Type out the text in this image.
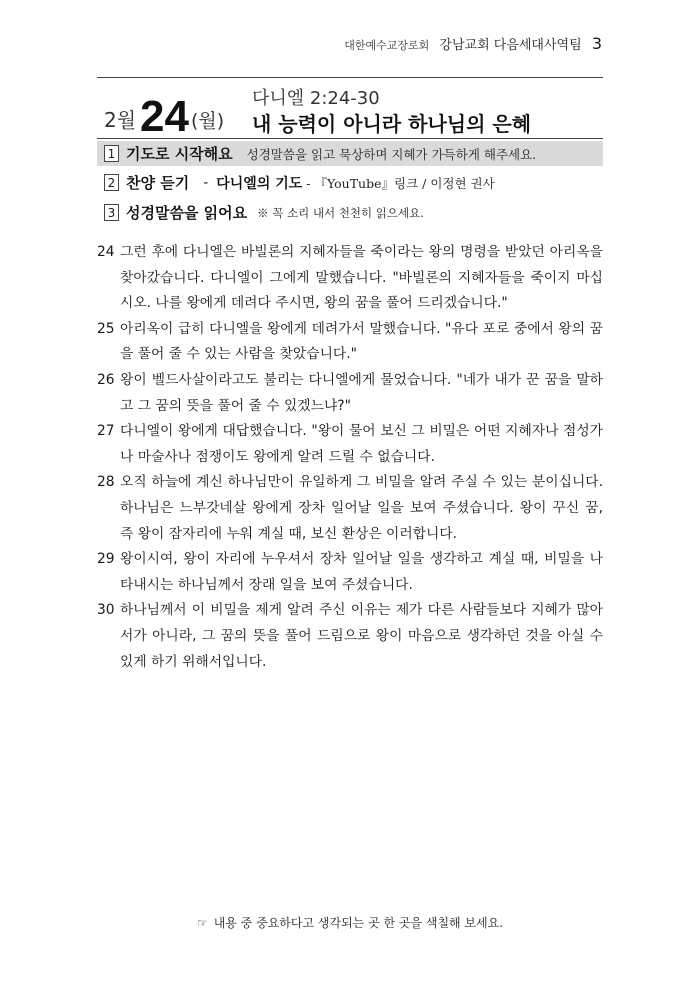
대한예수교장로회 강남교회 다음세대사역팀 3
2월 24 (월)
다니엘 2:24-30
내 능력이 아니라 하나님의 은혜
1 기도로 시작해요 성경말씀을 읽고 묵상하며 지혜가 가득하게 해주세요.
2 찬양 듣기 - 다니엘의 기도 - 『YouTube』링크 / 이정현 권사
3 성경말씀을 읽어요 ※ 꼭 소리 내서 천천히 읽으세요.
24 그런 후에 다니엘은 바빌론의 지혜자들을 죽이라는 왕의 명령을 받았던 아리옥을 찾아갔습니다. 다니엘이 그에게 말했습니다. "바빌론의 지혜자들을 죽이지 마십시오. 나를 왕에게 데려다 주시면, 왕의 꿈을 풀어 드리겠습니다."
25 아리옥이 급히 다니엘을 왕에게 데려가서 말했습니다. "유다 포로 중에서 왕의 꿈을 풀어 줄 수 있는 사람을 찾았습니다."
26 왕이 벨드사살이라고도 불리는 다니엘에게 물었습니다. "네가 내가 꾼 꿈을 말하고 그 꿈의 뜻을 풀어 줄 수 있겠느냐?"
27 다니엘이 왕에게 대답했습니다. "왕이 물어 보신 그 비밀은 어떤 지혜자나 점성가나 마술사나 점쟁이도 왕에게 알려 드릴 수 없습니다.
28 오직 하늘에 계신 하나님만이 유일하게 그 비밀을 알려 주실 수 있는 분이십니다. 하나님은 느부갓네살 왕에게 장차 일어날 일을 보여 주셨습니다. 왕이 꾸신 꿈, 즉 왕이 잠자리에 누워 계실 때, 보신 환상은 이러합니다.
29 왕이시여, 왕이 자리에 누우셔서 장차 일어날 일을 생각하고 계실 때, 비밀을 나타내시는 하나님께서 장래 일을 보여 주셨습니다.
30 하나님께서 이 비밀을 제게 알려 주신 이유는 제가 다른 사람들보다 지혜가 많아서가 아니라, 그 꿈의 뜻을 풀어 드림으로 왕이 마음으로 생각하던 것을 아실 수 있게 하기 위해서입니다.
☞ 내용 중 중요하다고 생각되는 곳 한 곳을 색칠해 보세요.
